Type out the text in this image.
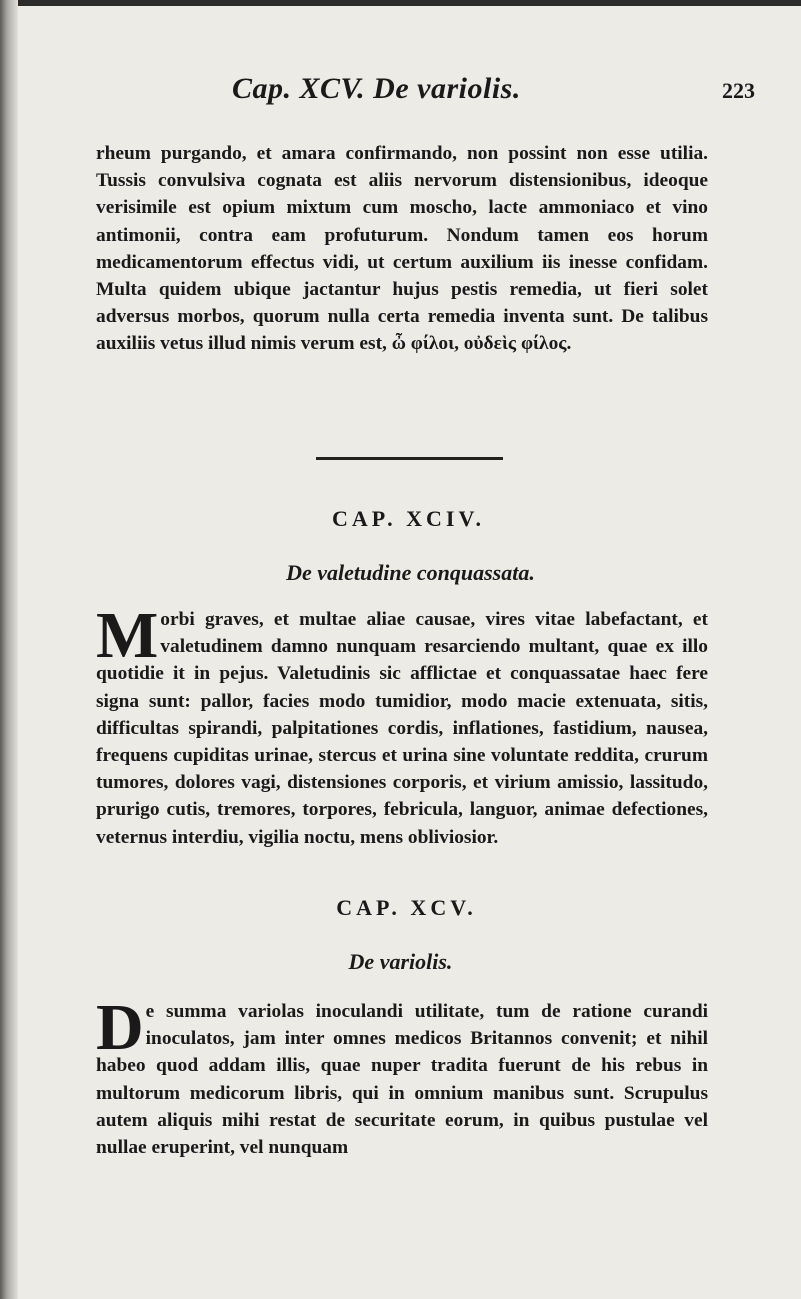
Cap. XCV. De variolis.	223
rheum purgando, et amara confirmando, non possint non esse utilia. Tussis convulsiva cognata est aliis nervorum distensionibus, ideoque verisimile est opium mixtum cum moscho, lacte ammoniaco et vino antimonii, contra eam profuturum. Nondum tamen eos horum medicamentorum effectus vidi, ut certum auxilium iis inesse confidam. Multa quidem ubique jactantur hujus pestis remedia, ut fieri solet adversus morbos, quorum nulla certa remedia inventa sunt. De talibus auxiliis vetus illud nimis verum est, ὦ φίλοι, οὐδεὶς φίλος.
CAP. XCIV.
De valetudine conquassata.
Morbi graves, et multae aliae causae, vires vitae labefactant, et valetudinem damno nunquam resarciendo multant, quae ex illo quotidie it in pejus. Valetudinis sic afflictae et conquassatae haec fere signa sunt: pallor, facies modo tumidior, modo macie extenuata, sitis, difficultas spirandi, palpitationes cordis, inflationes, fastidium, nausea, frequens cupiditas urinae, stercus et urina sine voluntate reddita, crurum tumores, dolores vagi, distensiones corporis, et virium amissio, lassitudo, prurigo cutis, tremores, torpores, febricula, languor, animae defectiones, veternus interdiu, vigilia noctu, mens obliviosior.
CAP. XCV.
De variolis.
De summa variolas inoculandi utilitate, tum de ratione curandi inoculatos, jam inter omnes medicos Britannos convenit; et nihil habeo quod addam illis, quae nuper tradita fuerunt de his rebus in multorum medicorum libris, qui in omnium manibus sunt. Scrupulus autem aliquis mihi restat de securitate eorum, in quibus pustulae vel nullae eruperint, vel nunquam
